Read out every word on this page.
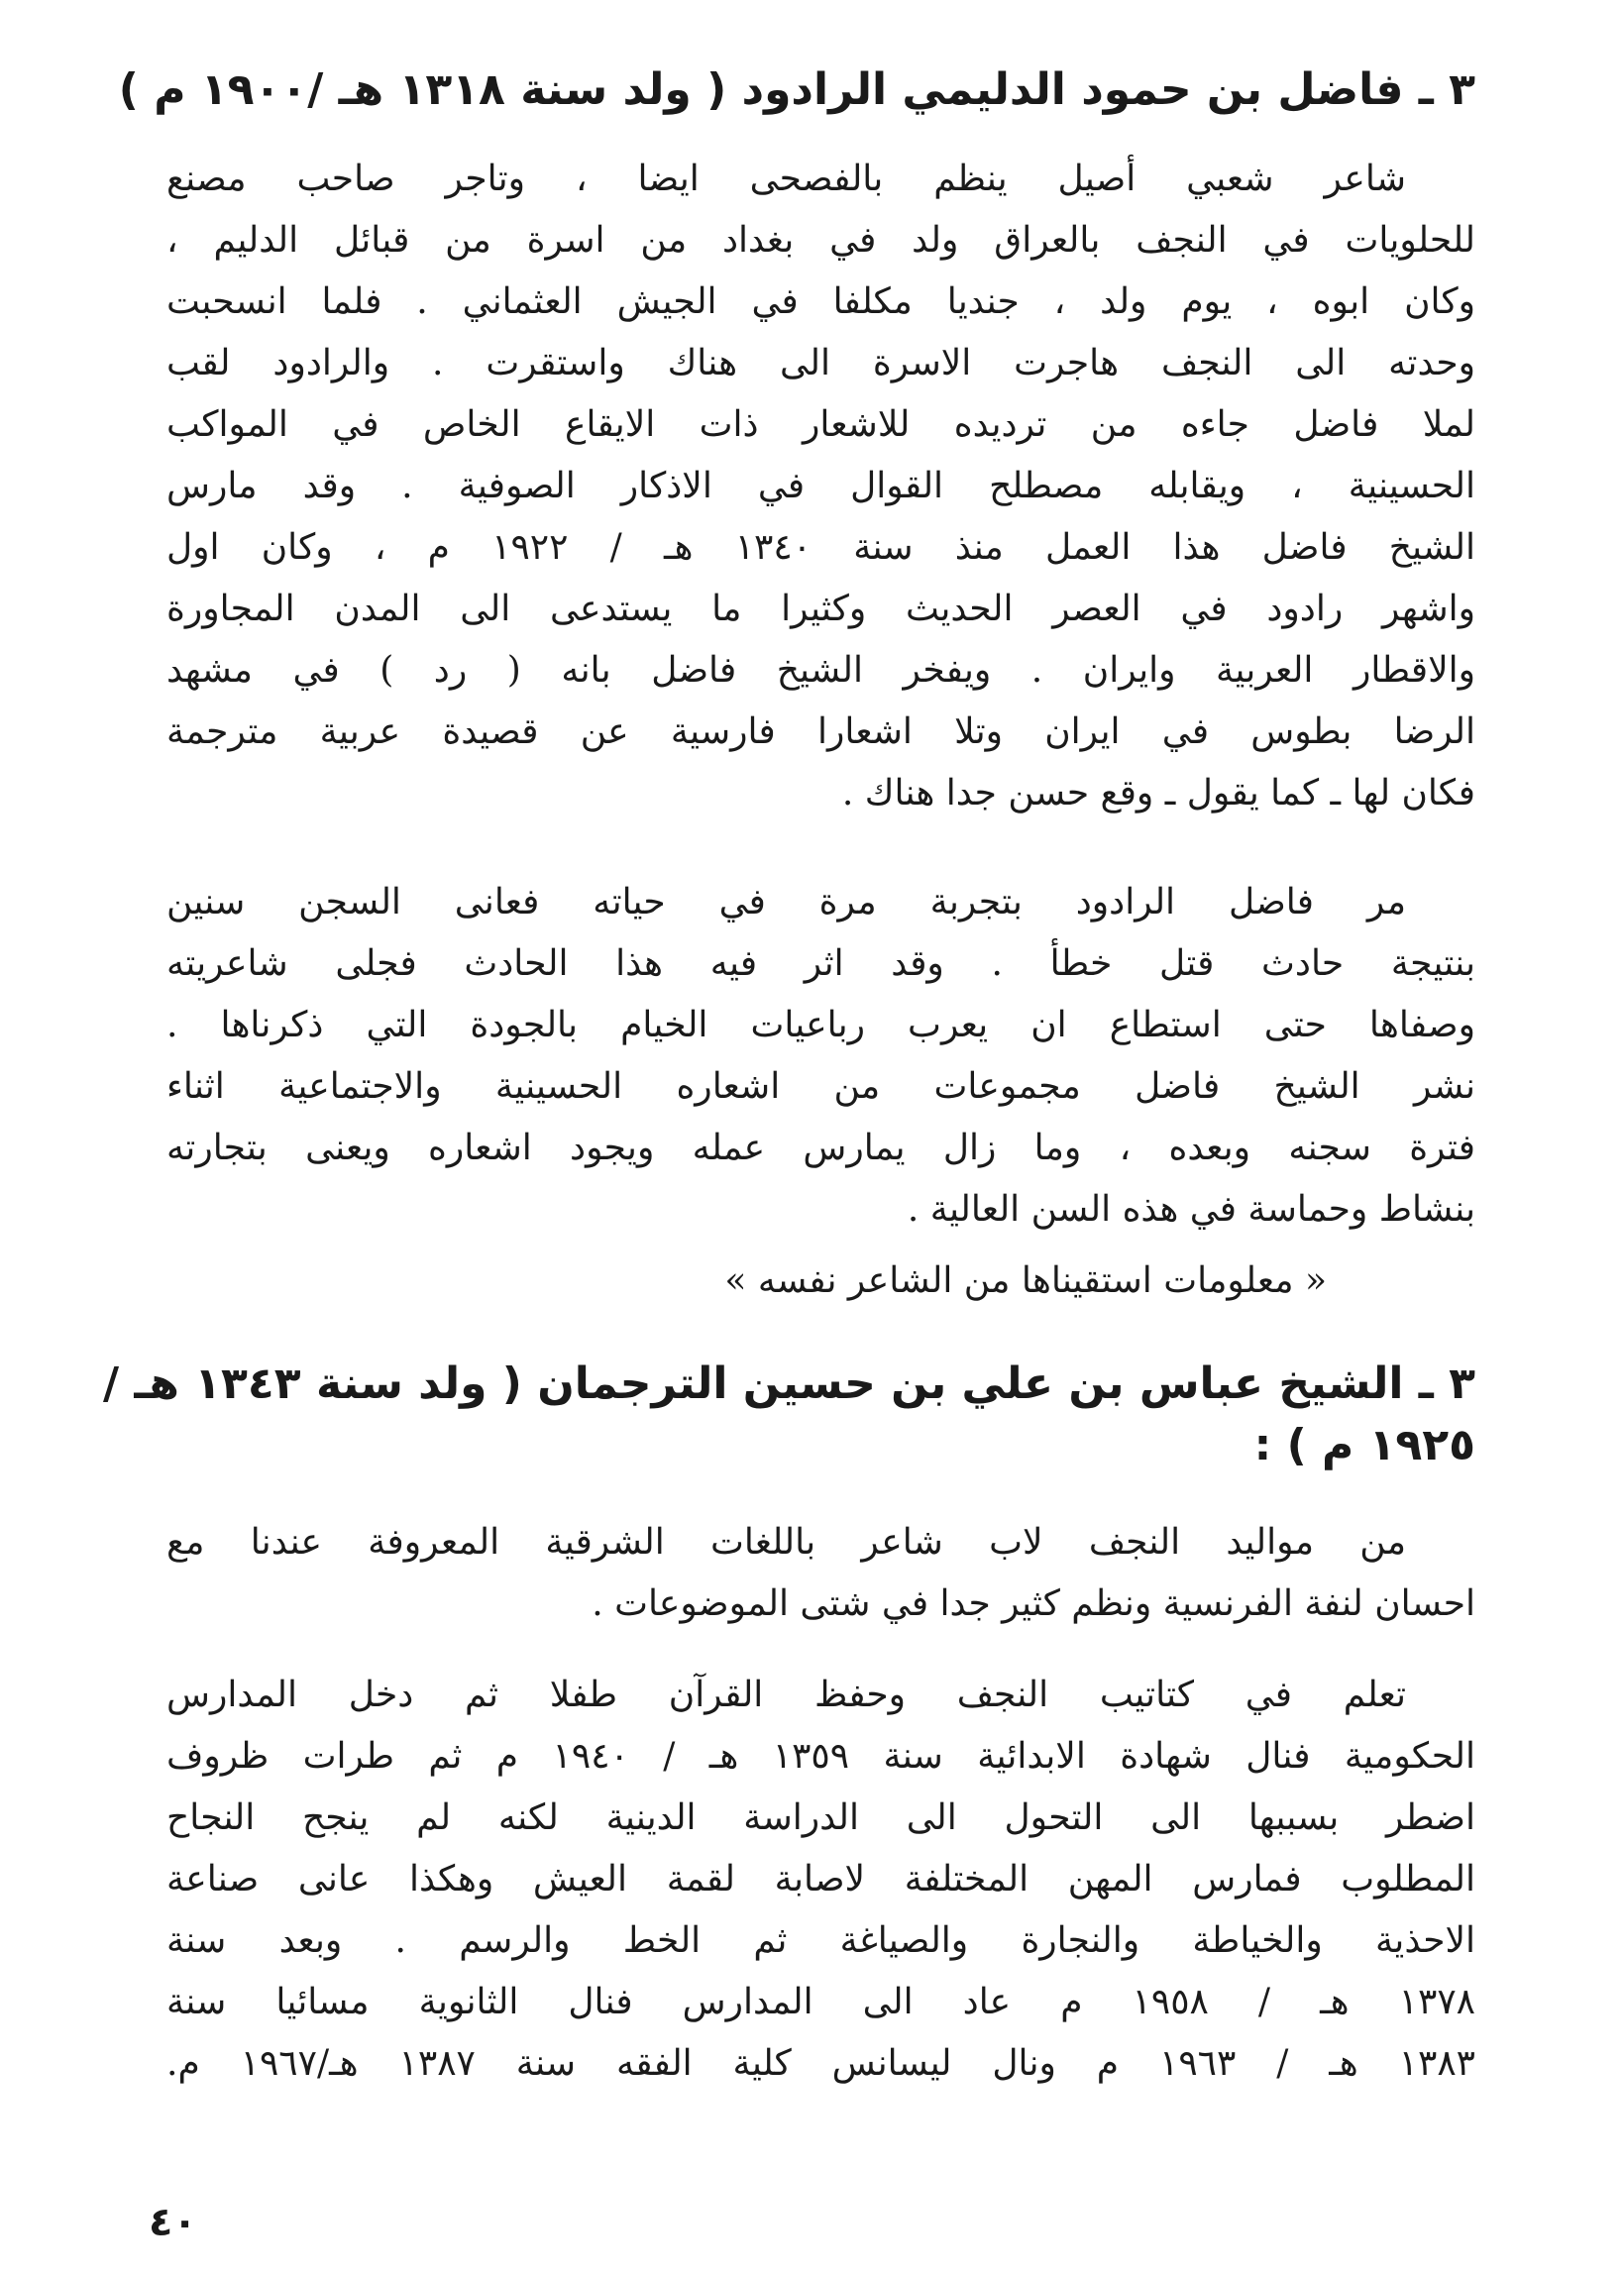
٣ ـ فاضل بن حمود الدليمي الرادود ( ولد سنة ١٣١٨ هـ /١٩٠٠ م )
شاعر شعبي أصيل ينظم بالفصحى ايضا ، وتاجر صاحب مصنع
للحلويات في النجف بالعراق ولد في بغداد من اسرة من قبائل الدليم ،
وكان ابوه ، يوم ولد ، جنديا مكلفا في الجيش العثماني . فلما انسحبت
وحدته الى النجف هاجرت الاسرة الى هناك واستقرت . والرادود لقب
لملا فاضل جاءه من ترديده للاشعار ذات الايقاع الخاص في المواكب
الحسينية ، ويقابله مصطلح القوال في الاذكار الصوفية . وقد مارس
الشيخ فاضل هذا العمل منذ سنة ١٣٤٠ هـ / ١٩٢٢ م ، وكان اول
واشهر رادود في العصر الحديث وكثيرا ما يستدعى الى المدن المجاورة
والاقطار العربية وايران . ويفخر الشيخ فاضل بانه ( رد ) في مشهد
الرضا بطوس في ايران وتلا اشعارا فارسية عن قصيدة عربية مترجمة
فكان لها ـ كما يقول ـ وقع حسن جدا هناك .
مر فاضل الرادود بتجربة مرة في حياته فعانى السجن سنين
بنتيجة حادث قتل خطأ . وقد اثر فيه هذا الحادث فجلى شاعريته
وصفاها حتى استطاع ان يعرب رباعيات الخيام بالجودة التي ذكرناها .
نشر الشيخ فاضل مجموعات من اشعاره الحسينية والاجتماعية اثناء
فترة سجنه وبعده ، وما زال يمارس عمله ويجود اشعاره ويعنى بتجارته
بنشاط وحماسة في هذه السن العالية .
« معلومات استقيناها من الشاعر نفسه »
٣ ـ الشيخ عباس بن علي بن حسين الترجمان ( ولد سنة ١٣٤٣ هـ /
١٩٢٥ م ) :
من مواليد النجف لاب شاعر باللغات الشرقية المعروفة عندنا مع
احسان لنفة الفرنسية ونظم كثير جدا في شتى الموضوعات .
تعلم في كتاتيب النجف وحفظ القرآن طفلا ثم دخل المدارس
الحكومية فنال شهادة الابدائية سنة ١٣٥٩ هـ / ١٩٤٠ م ثم طرات ظروف
اضطر بسببها الى التحول الى الدراسة الدينية لكنه لم ينجح النجاح
المطلوب فمارس المهن المختلفة لاصابة لقمة العيش وهكذا عانى صناعة
الاحذية والخياطة والنجارة والصياغة ثم الخط والرسم . وبعد سنة
١٣٧٨ هـ / ١٩٥٨ م عاد الى المدارس فنال الثانوية مسائيا سنة
١٣٨٣ هـ / ١٩٦٣ م ونال ليسانس كلية الفقه سنة ١٣٨٧ هـ/١٩٦٧ م.
٤٠
